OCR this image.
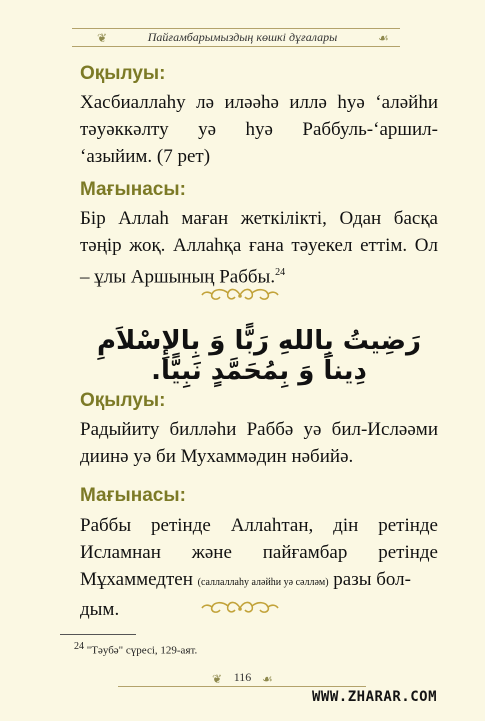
❦	Пайғамбарымыздың көшкі дұғалары	☙
Оқылуы:
Хасбиаллаһу лә иләәһә иллә һуә ʻаләйһи
тәуәккәлту уә һуә Раббуль-ʻаршил-
ʻазыйим. (7 рет)
Мағынасы:
Бір Аллаһ маған жеткілікті, Одан басқа
тәңір жоқ. Аллаһқа ғана тәуекел еттім. Ол
– ұлы Аршының Раббы.$^{24}$
رَضِيتُ بِاللهِ رَبًّا وَ بِالإِسْلاَمِ دِيناً وَ بِمُحَمَّدٍ نَبِيًّا.
Оқылуы:
Радыйиту билләһи Раббә уә бил-Исләәми
диинә уә би Мухаммәдин нәбийә.
Мағынасы:
Раббы ретінде Аллаһтан, дін ретінде
Исламнан және пайғамбар ретінде
Мұхаммедтен (саллаллаһу аләйһи уә сәлләм) разы бол-
дым.
$^{24}$ "Тәубә" сүресі, 129-аят.
❦ 116 ☙
WWW.ZHARAR.COM
